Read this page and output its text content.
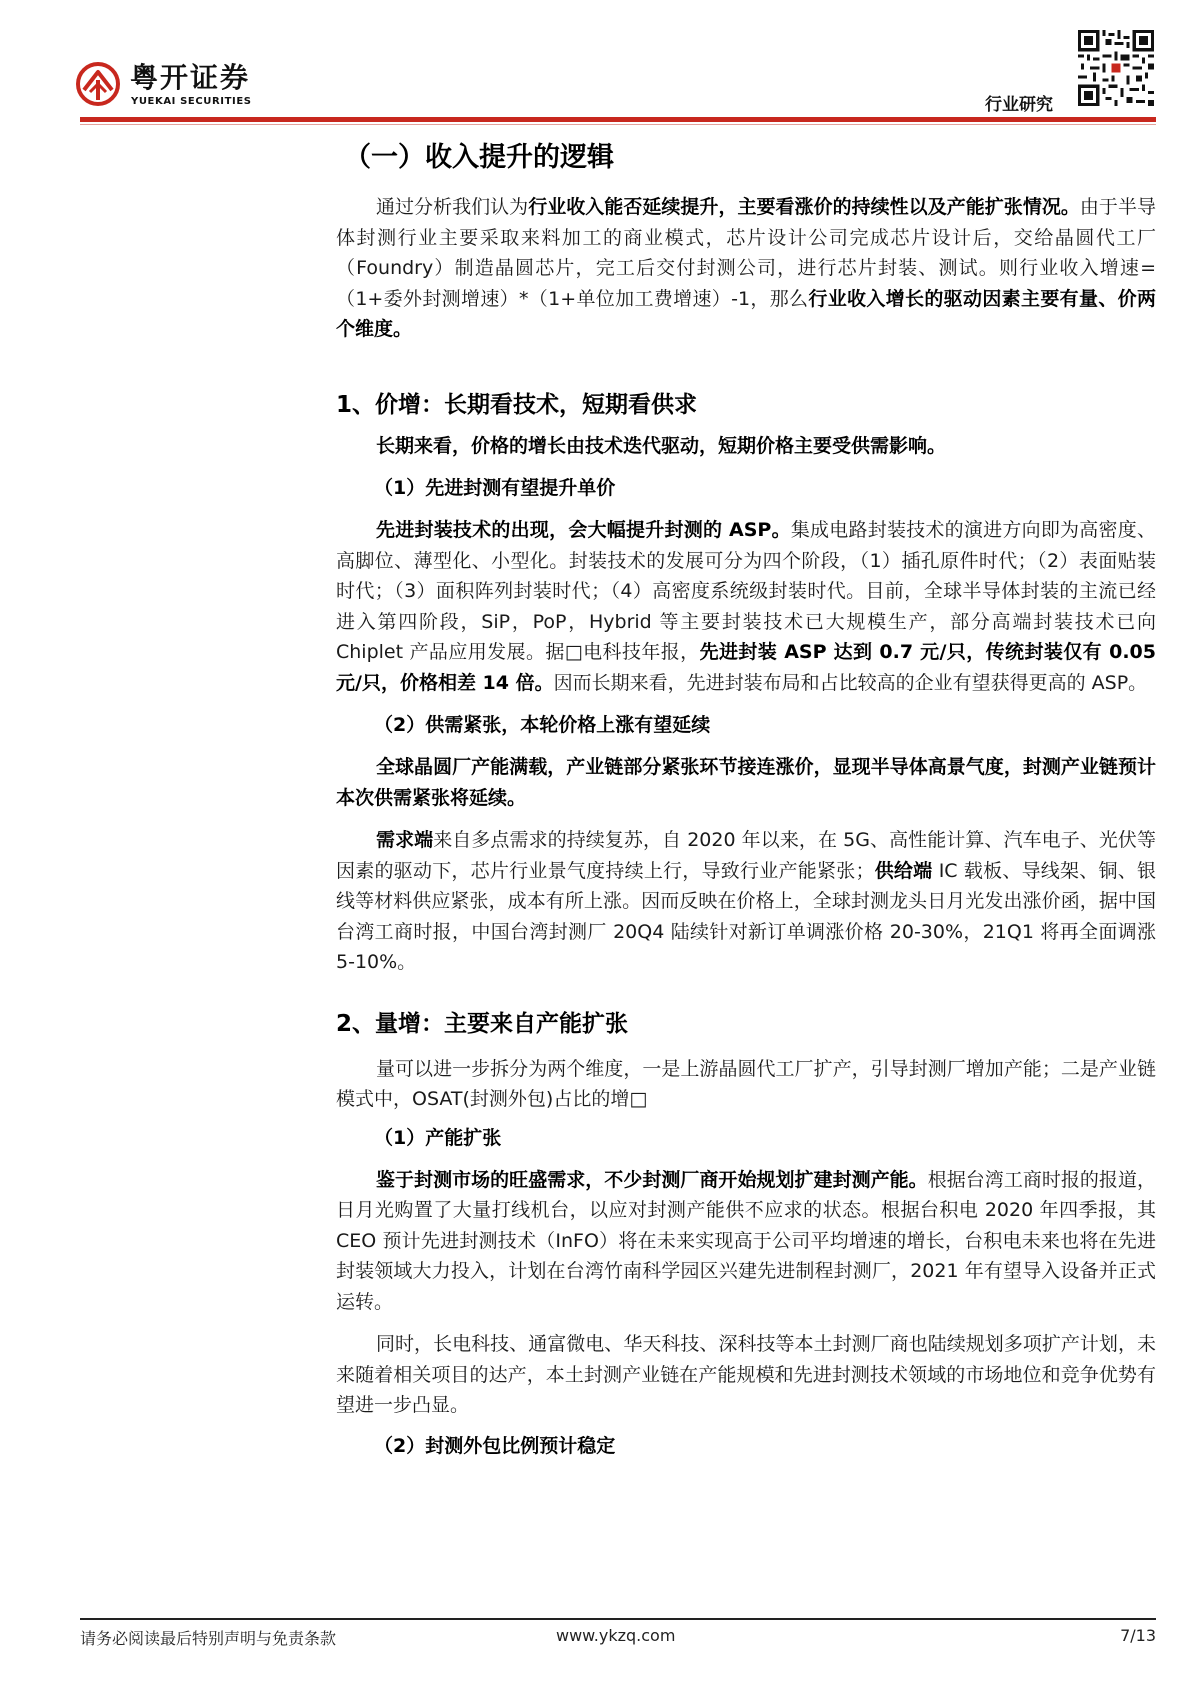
粤开证券
YUEKAI SECURITIES	行业研究
（一）收入提升的逻辑

通过分析我们认为行业收入能否延续提升，主要看涨价的持续性以及产能扩张情况。由于半导体封测行业主要采取来料加工的商业模式，芯片设计公司完成芯片设计后，交给晶圆代工厂（Foundry）制造晶圆芯片，完工后交付封测公司，进行芯片封装、测试。则行业收入增速=（1+委外封测增速）*（1+单位加工费增速）-1，那么行业收入增长的驱动因素主要有量、价两个维度。

1、价增：长期看技术，短期看供求

长期来看，价格的增长由技术迭代驱动，短期价格主要受供需影响。

（1）先进封测有望提升单价

先进封装技术的出现，会大幅提升封测的 ASP。集成电路封装技术的演进方向即为高密度、高脚位、薄型化、小型化。封装技术的发展可分为四个阶段，（1）插孔原件时代；（2）表面贴装时代；（3）面积阵列封装时代；（4）高密度系统级封装时代。目前，全球半导体封装的主流已经进入第四阶段，SiP，PoP，Hybrid 等主要封装技术已大规模生产，部分高端封装技术已向 Chiplet 产品应用发展。据□电科技年报，先进封装 ASP 达到 0.7 元/只，传统封装仅有 0.05 元/只，价格相差 14 倍。因而长期来看，先进封装布局和占比较高的企业有望获得更高的 ASP。

（2）供需紧张，本轮价格上涨有望延续

全球晶圆厂产能满载，产业链部分紧张环节接连涨价，显现半导体高景气度，封测产业链预计本次供需紧张将延续。

需求端来自多点需求的持续复苏，自 2020 年以来，在 5G、高性能计算、汽车电子、光伏等因素的驱动下，芯片行业景气度持续上行，导致行业产能紧张；供给端 IC 载板、导线架、铜、银线等材料供应紧张，成本有所上涨。因而反映在价格上，全球封测龙头日月光发出涨价函，据中国台湾工商时报，中国台湾封测厂 20Q4 陆续针对新订单调涨价格 20-30%，21Q1 将再全面调涨 5-10%。

2、量增：主要来自产能扩张

量可以进一步拆分为两个维度，一是上游晶圆代工厂扩产，引导封测厂增加产能；二是产业链模式中，OSAT(封测外包)占比的增□

（1）产能扩张

鉴于封测市场的旺盛需求，不少封测厂商开始规划扩建封测产能。根据台湾工商时报的报道，日月光购置了大量打线机台，以应对封测产能供不应求的状态。根据台积电 2020 年四季报，其 CEO 预计先进封测技术（InFO）将在未来实现高于公司平均增速的增长，台积电未来也将在先进封装领域大力投入，计划在台湾竹南科学园区兴建先进制程封测厂，2021 年有望导入设备并正式运转。

同时，长电科技、通富微电、华天科技、深科技等本土封测厂商也陆续规划多项扩产计划，未来随着相关项目的达产，本土封测产业链在产能规模和先进封测技术领域的市场地位和竞争优势有望进一步凸显。

（2）封测外包比例预计稳定
请务必阅读最后特别声明与免责条款	www.ykzq.com	7/13
